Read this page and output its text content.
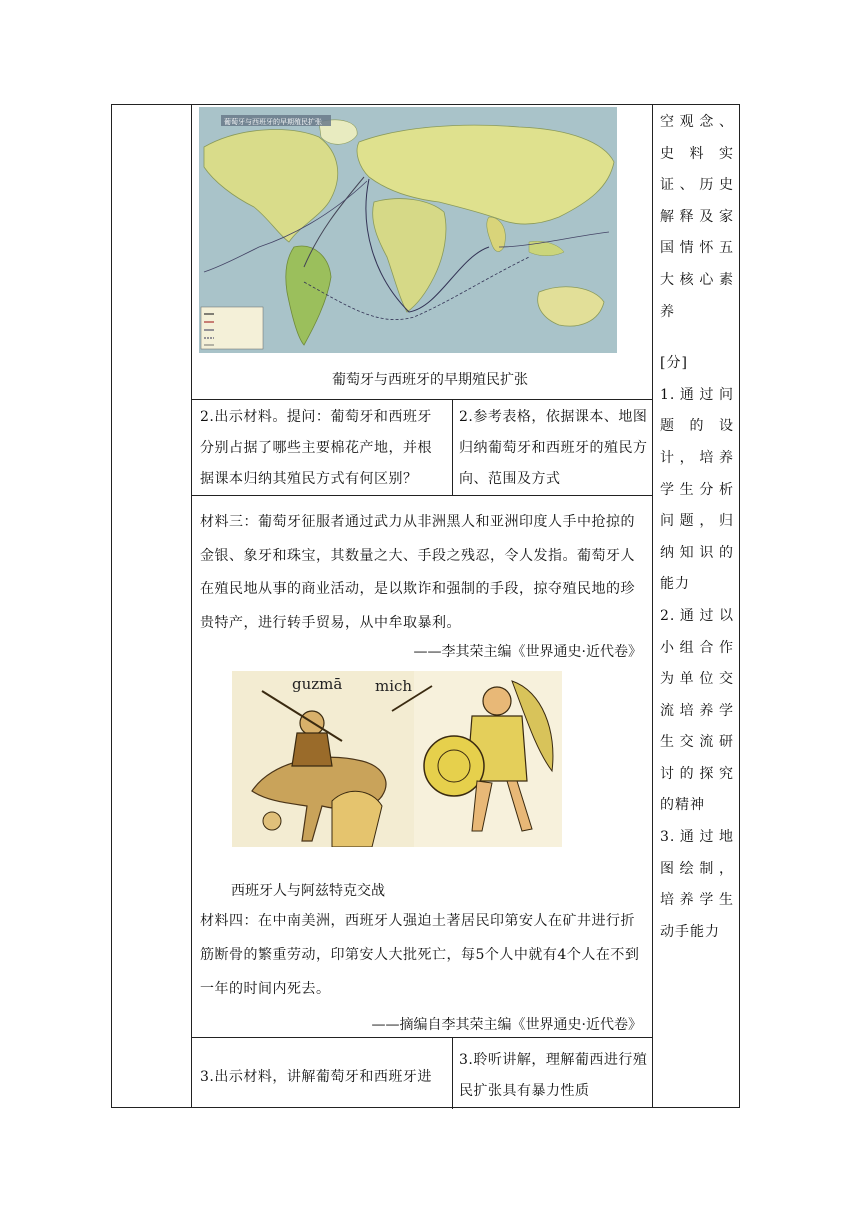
葡萄牙与西班牙的早期殖民扩张
葡萄牙与西班牙的早期殖民扩张
2.出示材料。提问：葡萄牙和西班牙分别占据了哪些主要棉花产地，并根据课本归纳其殖民方式有何区别？
2.参考表格，依据课本、地图归纳葡萄牙和西班牙的殖民方向、范围及方式
材料三：葡萄牙征服者通过武力从非洲黑人和亚洲印度人手中抢掠的金银、象牙和珠宝，其数量之大、手段之残忍，令人发指。葡萄牙人在殖民地从事的商业活动，是以欺诈和强制的手段，掠夺殖民地的珍贵特产，进行转手贸易，从中牟取暴利。
——李其荣主编《世界通史·近代卷》
guzmā mich
西班牙人与阿兹特克交战
材料四：在中南美洲，西班牙人强迫土著居民印第安人在矿井进行折筋断骨的繁重劳动，印第安人大批死亡，每5个人中就有4个人在不到一年的时间内死去。
——摘编自李其荣主编《世界通史·近代卷》
3.出示材料，讲解葡萄牙和西班牙进
3.聆听讲解，理解葡西进行殖民扩张具有暴力性质
空观念、史料实证、历史解释及家国情怀五大核心素养
[分]
1.通过问题的设计，培养学生分析问题，归纳知识的能力
2.通过以小组合作为单位交流培养学生交流研讨的探究的精神
3.通过地图绘制，培养学生动手能力
